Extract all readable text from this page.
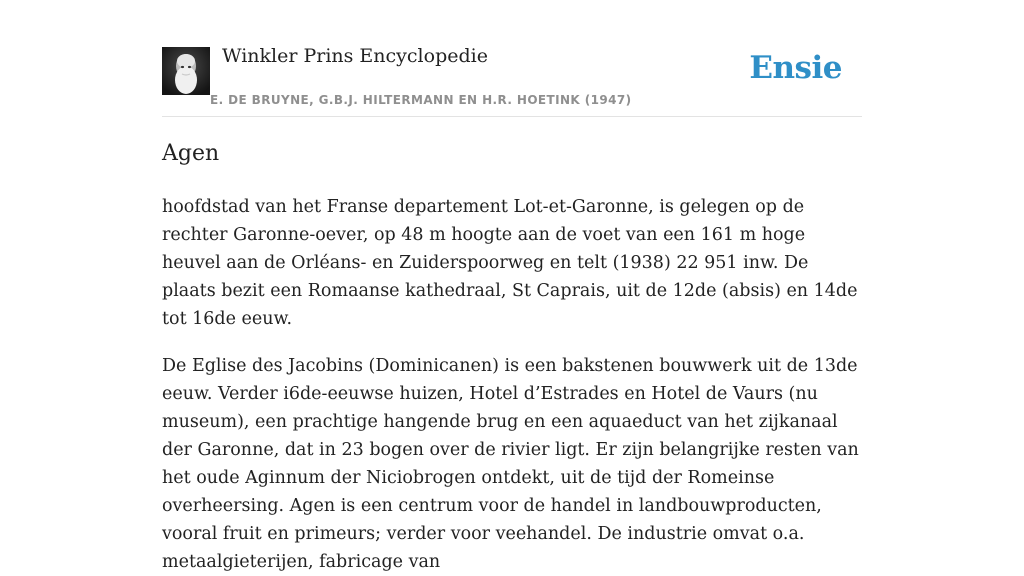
Winkler Prins Encyclopedie
E. DE BRUYNE, G.B.J. HILTERMANN EN H.R. HOETINK (1947)
Ensie
Agen

hoofdstad van het Franse departement Lot-et-Garonne, is gelegen op de rechter Garonne-oever, op 48 m hoogte aan de voet van een 161 m hoge heuvel aan de Orléans- en Zuiderspoorweg en telt (1938) 22 951 inw. De plaats bezit een Romaanse kathedraal, St Caprais, uit de 12de (absis) en 14de tot 16de eeuw.

De Eglise des Jacobins (Dominicanen) is een bakstenen bouwwerk uit de 13de eeuw. Verder i6de-eeuwse huizen, Hotel d’Estrades en Hotel de Vaurs (nu museum), een prachtige hangende brug en een aquaeduct van het zijkanaal der Garonne, dat in 23 bogen over de rivier ligt. Er zijn belangrijke resten van het oude Aginnum der Niciobrogen ontdekt, uit de tijd der Romeinse overheersing. Agen is een centrum voor de handel in landbouwproducten, vooral fruit en primeurs; verder voor veehandel. De industrie omvat o.a. metaalgieterijen, fabricage van
